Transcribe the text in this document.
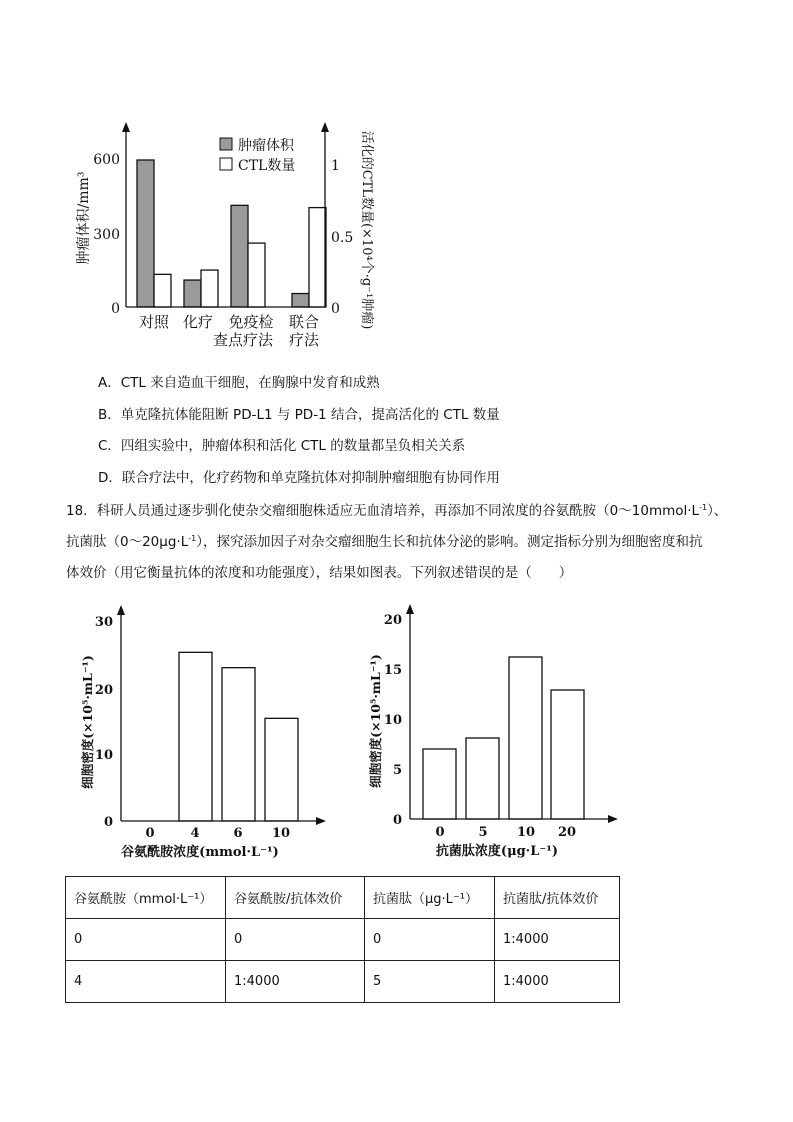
600
300
0
1
0.5
0
肿瘤体积/mm³	活化的CTL数量(×10⁴个·g⁻¹肿瘤)
肿瘤体积
CTL数量
对照 化疗 免疫检
查点疗法
联合
疗法
A．CTL 来自造血干细胞，在胸腺中发育和成熟
B．单克隆抗体能阻断 PD-L1 与 PD-1 结合，提高活化的 CTL 数量
C．四组实验中，肿瘤体积和活化 CTL 的数量都呈负相关关系
D．联合疗法中，化疗药物和单克隆抗体对抑制肿瘤细胞有协同作用
18．科研人员通过逐步驯化使杂交瘤细胞株适应无血清培养，再添加不同浓度的谷氨酰胺$(0\sim 10mmol\cdot L^{-1})$、
抗菌肽$(0\sim 20\mu g\cdot L^{-1})$，探究添加因子对杂交瘤细胞生长和抗体分泌的影响。测定指标分别为细胞密度和抗
体效价（用它衡量抗体的浓度和功能强度），结果如图表。下列叙述错误的是（　　）
30
20
10
0
0	4	6 10
谷氨酰胺浓度(mmol·L⁻¹)
细胞密度(×10⁵·mL⁻¹)
20
15
10
5
0
0	5 10 20
抗菌肽浓度(μg·L⁻¹)
细胞密度(×10⁵·mL⁻¹)
谷氨酰胺（mmol·L⁻¹）	谷氨酰胺/抗体效价	抗菌肽（μg·L⁻¹）	抗菌肽/抗体效价
0	0	0	1:4000
4	1:4000	5	1:4000
